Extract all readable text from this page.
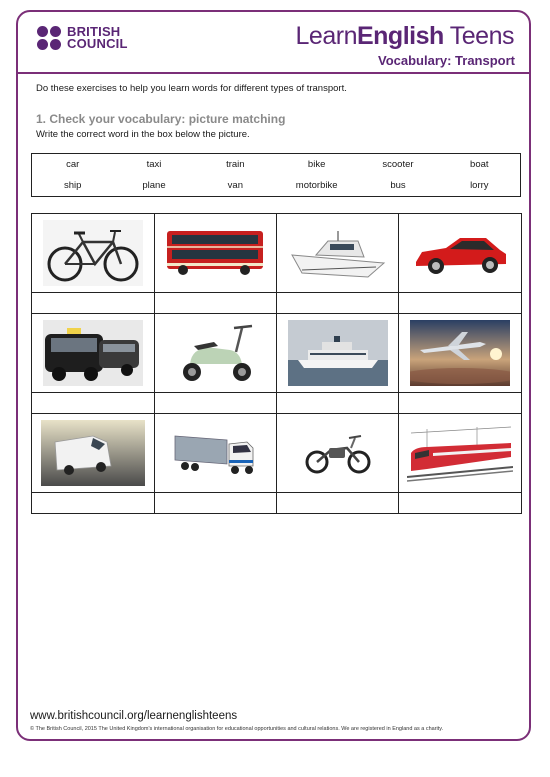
BRITISH
COUNCIL	LearnEnglish Teens
Vocabulary: Transport
Do these exercises to help you learn words for different types of transport.
1. Check your vocabulary: picture matching
Write the correct word in the box below the picture.
car	taxi	train	bike	scooter	boat
ship	plane	van	motorbike	bus	lorry

www.britishcouncil.org/learnenglishteens
© The British Council, 2015 The United Kingdom's international organisation for educational opportunities and cultural relations. We are registered in England as a charity.
